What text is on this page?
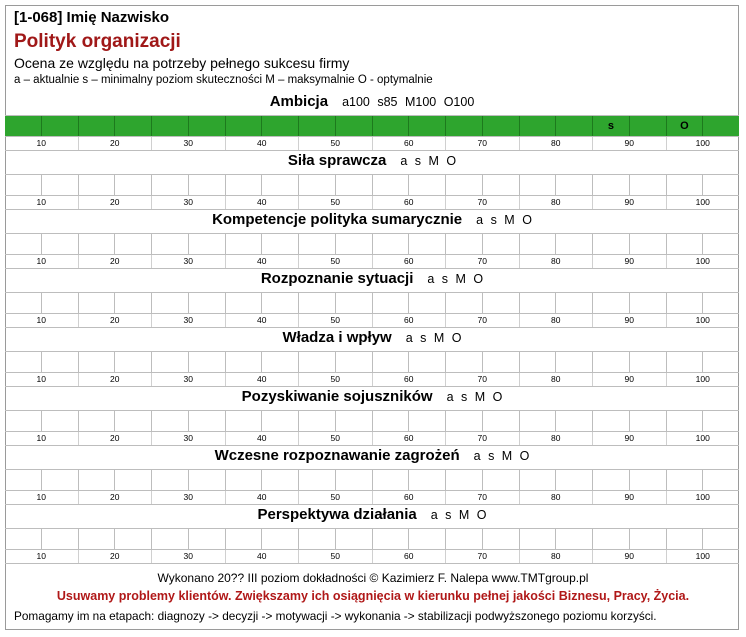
[1-068] Imię Nazwisko
Polityk organizacji
Ocena ze względu na potrzeby pełnego sukcesu firmy
a – aktualnie s – minimalny poziom skuteczności M – maksymalnie O - optymalnie
Ambicja a100 s85 M100 O100
s	O
10	20	30	40	50	60	70	80	90	100
Siła sprawcza a s M O
10	20	30	40	50	60	70	80	90	100
Kompetencje polityka sumarycznie a s M O
10	20	30	40	50	60	70	80	90	100
Rozpoznanie sytuacji a s M O
10	20	30	40	50	60	70	80	90	100
Władza i wpływ a s M O
10	20	30	40	50	60	70	80	90	100
Pozyskiwanie sojuszników a s M O
10	20	30	40	50	60	70	80	90	100
Wczesne rozpoznawanie zagrożeń a s M O
10	20	30	40	50	60	70	80	90	100
Perspektywa działania a s M O
10	20	30	40	50	60	70	80	90	100
Wykonano 20?? III poziom dokładności © Kazimierz F. Nalepa www.TMTgroup.pl
Usuwamy problemy klientów. Zwiększamy ich osiągnięcia w kierunku pełnej jakości Biznesu, Pracy, Życia.
Pomagamy im na etapach: diagnozy -> decyzji -> motywacji -> wykonania -> stabilizacji podwyższonego poziomu korzyści.
